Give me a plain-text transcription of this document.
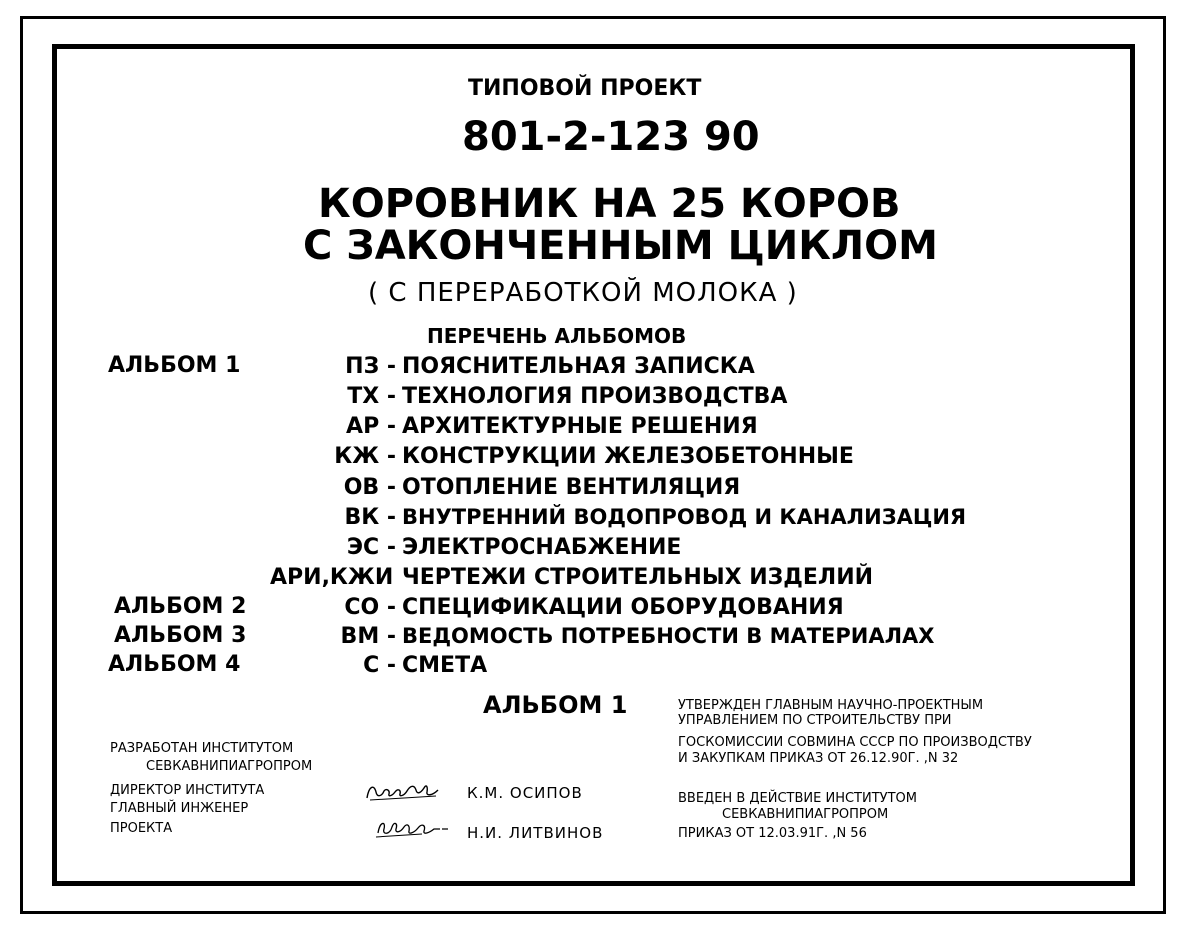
ТИПОВОЙ ПРОЕКТ
801-2-123 90
КОРОВНИК НА 25 КОРОВ
С ЗАКОНЧЕННЫМ ЦИКЛОМ
( С ПЕРЕРАБОТКОЙ МОЛОКА )
ПЕРЕЧЕНЬ АЛЬБОМОВ
АЛЬБОМ 1
АЛЬБОМ 2
АЛЬБОМ 3
АЛЬБОМ 4
ПЗ - ПОЯСНИТЕЛЬНАЯ ЗАПИСКА
ТХ - ТЕХНОЛОГИЯ ПРОИЗВОДСТВА
АР - АРХИТЕКТУРНЫЕ РЕШЕНИЯ
КЖ - КОНСТРУКЦИИ ЖЕЛЕЗОБЕТОННЫЕ
ОВ - ОТОПЛЕНИЕ ВЕНТИЛЯЦИЯ
ВК - ВНУТРЕННИЙ ВОДОПРОВОД И КАНАЛИЗАЦИЯ
ЭС - ЭЛЕКТРОСНАБЖЕНИЕ
АРИ,КЖИ ЧЕРТЕЖИ СТРОИТЕЛЬНЫХ ИЗДЕЛИЙ
СО - СПЕЦИФИКАЦИИ ОБОРУДОВАНИЯ
ВМ - ВЕДОМОСТЬ ПОТРЕБНОСТИ В МАТЕРИАЛАХ
С - СМЕТА
АЛЬБОМ 1	УТВЕРЖДЕН ГЛАВНЫМ НАУЧНО-ПРОЕКТНЫМ
УПРАВЛЕНИЕМ ПО СТРОИТЕЛЬСТВУ ПРИ
ГОСКОМИССИИ СОВМИНА СССР ПО ПРОИЗВОДСТВУ
И ЗАКУПКАМ ПРИКАЗ ОТ 26.12.90Г. ,N 32
РАЗРАБОТАН ИНСТИТУТОМ
СЕВКАВНИПИАГРОПРОМ
ДИРЕКТОР ИНСТИТУТА
ГЛАВНЫЙ ИНЖЕНЕР
ПРОЕКТА
К.М. ОСИПОВ
Н.И. ЛИТВИНОВ
ВВЕДЕН В ДЕЙСТВИЕ ИНСТИТУТОМ
СЕВКАВНИПИАГРОПРОМ
ПРИКАЗ ОТ 12.03.91Г. ,N 56
